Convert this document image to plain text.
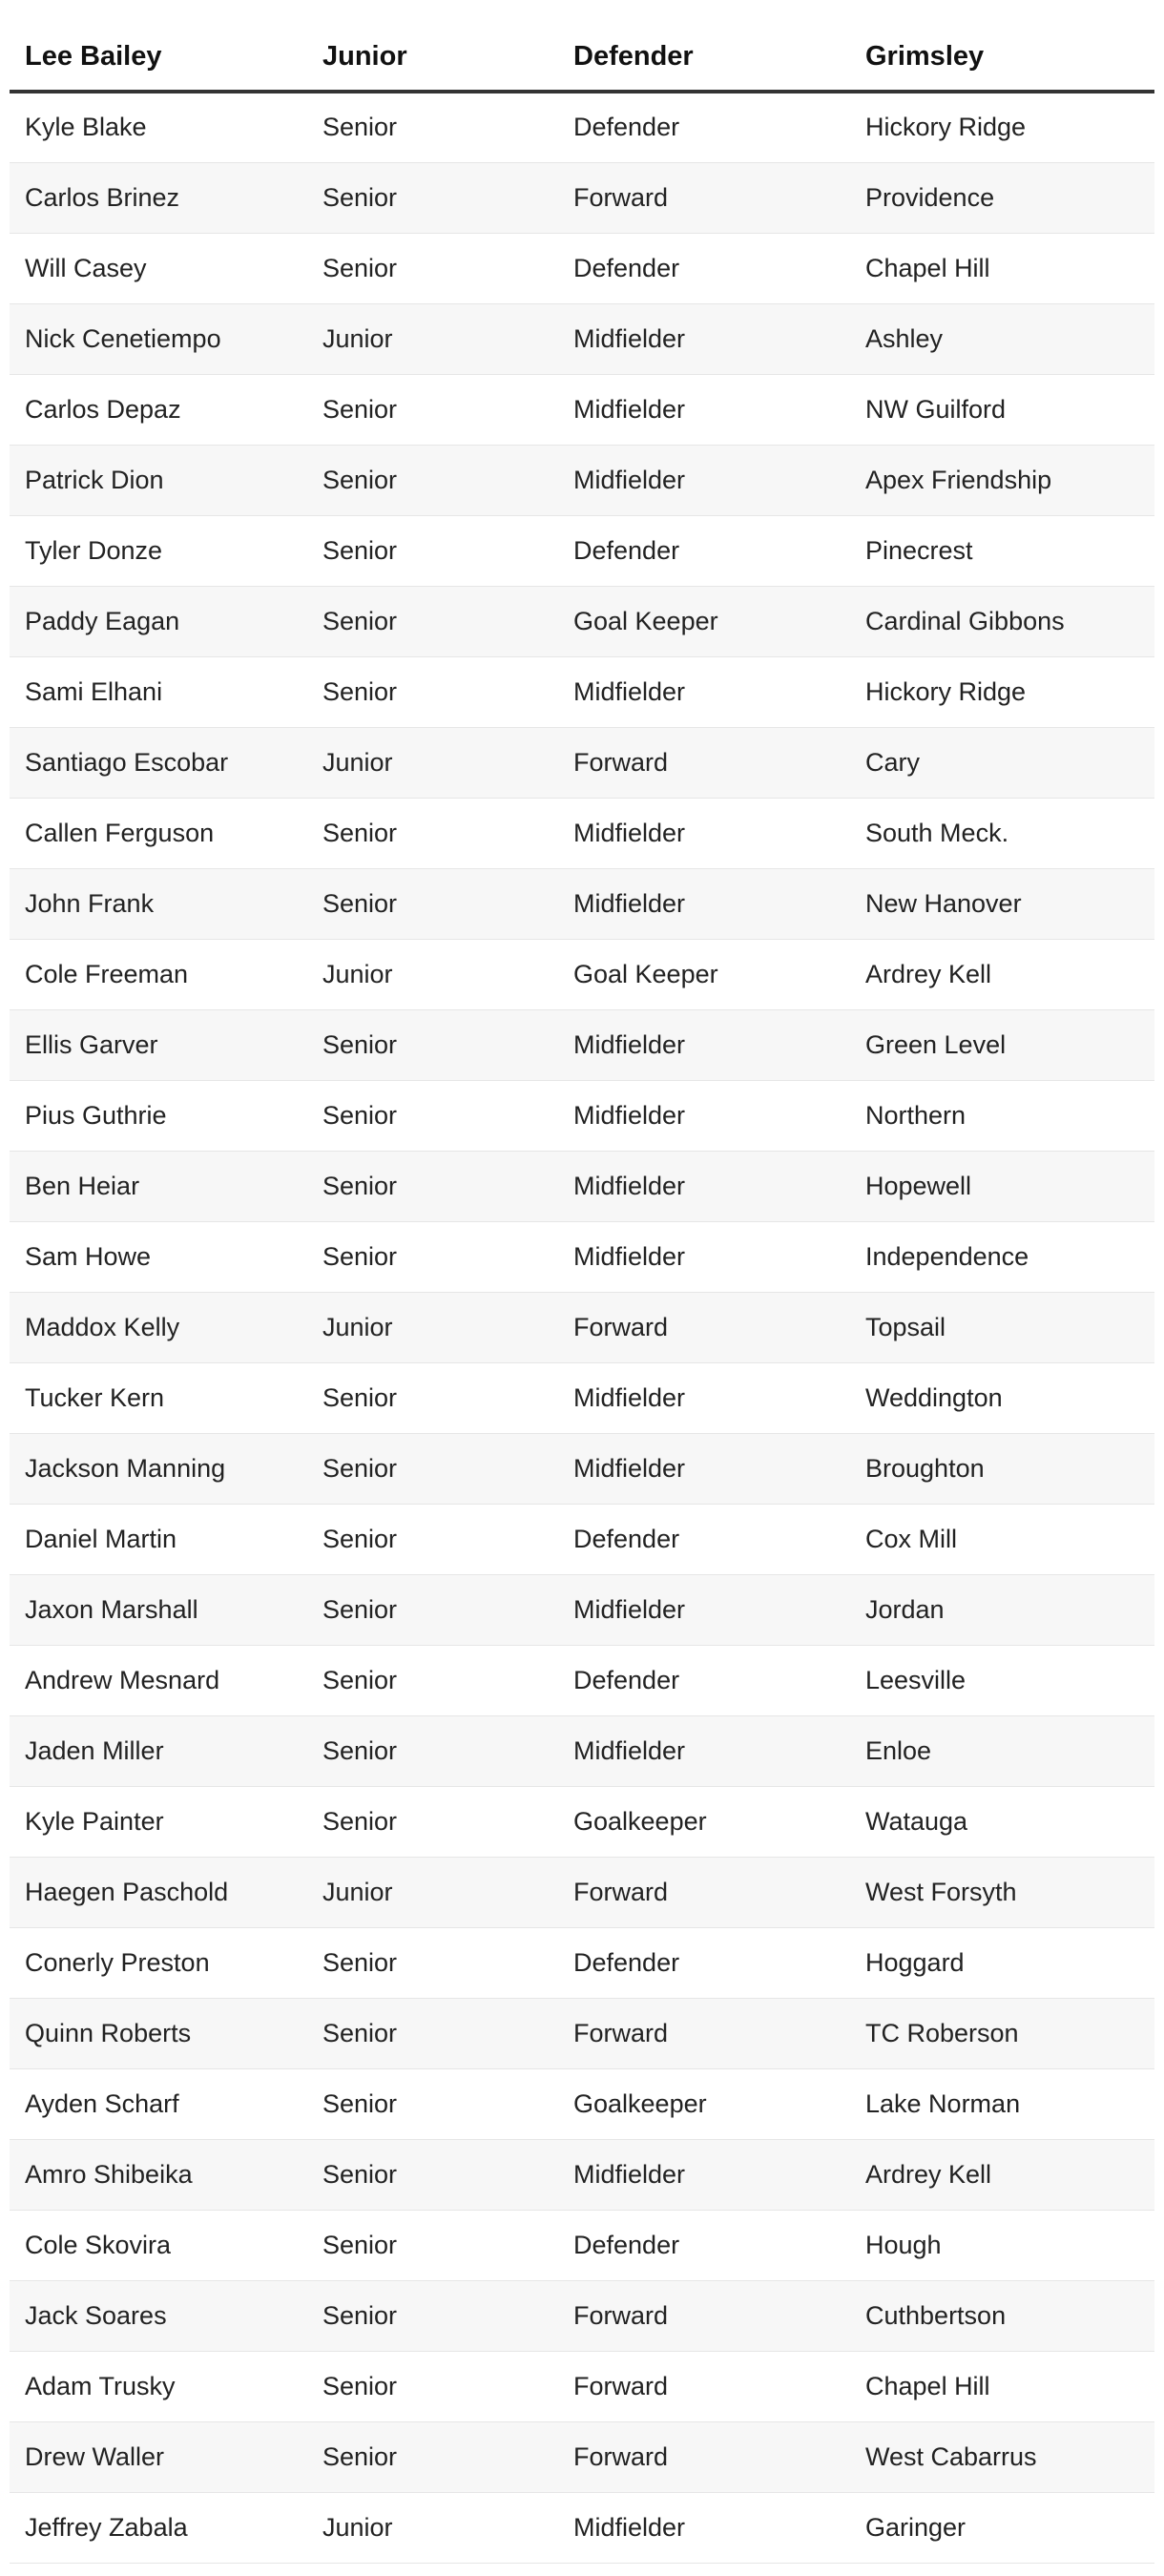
Lee Bailey	Junior	Defender	Grimsley
Kyle Blake	Senior	Defender	Hickory Ridge
Carlos Brinez	Senior	Forward	Providence
Will Casey	Senior	Defender	Chapel Hill
Nick Cenetiempo	Junior	Midfielder	Ashley
Carlos Depaz	Senior	Midfielder	NW Guilford
Patrick Dion	Senior	Midfielder	Apex Friendship
Tyler Donze	Senior	Defender	Pinecrest
Paddy Eagan	Senior	Goal Keeper	Cardinal Gibbons
Sami Elhani	Senior	Midfielder	Hickory Ridge
Santiago Escobar	Junior	Forward	Cary
Callen Ferguson	Senior	Midfielder	South Meck.
John Frank	Senior	Midfielder	New Hanover
Cole Freeman	Junior	Goal Keeper	Ardrey Kell
Ellis Garver	Senior	Midfielder	Green Level
Pius Guthrie	Senior	Midfielder	Northern
Ben Heiar	Senior	Midfielder	Hopewell
Sam Howe	Senior	Midfielder	Independence
Maddox Kelly	Junior	Forward	Topsail
Tucker Kern	Senior	Midfielder	Weddington
Jackson Manning	Senior	Midfielder	Broughton
Daniel Martin	Senior	Defender	Cox Mill
Jaxon Marshall	Senior	Midfielder	Jordan
Andrew Mesnard	Senior	Defender	Leesville
Jaden Miller	Senior	Midfielder	Enloe
Kyle Painter	Senior	Goalkeeper	Watauga
Haegen Paschold	Junior	Forward	West Forsyth
Conerly Preston	Senior	Defender	Hoggard
Quinn Roberts	Senior	Forward	TC Roberson
Ayden Scharf	Senior	Goalkeeper	Lake Norman
Amro Shibeika	Senior	Midfielder	Ardrey Kell
Cole Skovira	Senior	Defender	Hough
Jack Soares	Senior	Forward	Cuthbertson
Adam Trusky	Senior	Forward	Chapel Hill
Drew Waller	Senior	Forward	West Cabarrus
Jeffrey Zabala	Junior	Midfielder	Garinger
